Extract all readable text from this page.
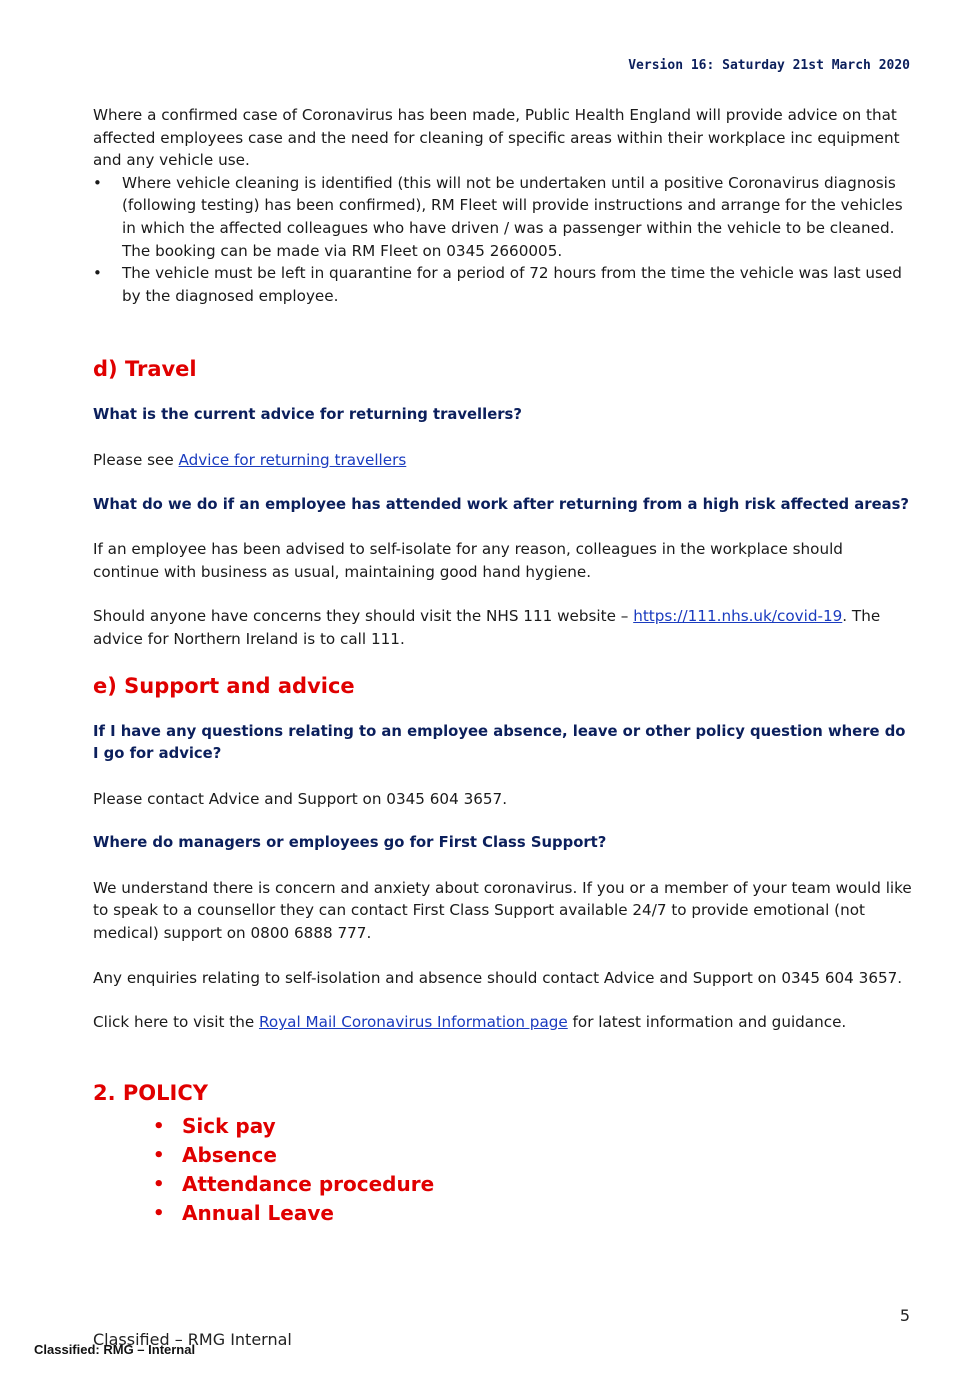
Version 16: Saturday 21st March 2020

Where a confirmed case of Coronavirus has been made, Public Health England will provide advice on that affected employees case and the need for cleaning of specific areas within their workplace inc equipment and any vehicle use.

• Where vehicle cleaning is identified (this will not be undertaken until a positive Coronavirus diagnosis (following testing) has been confirmed), RM Fleet will provide instructions and arrange for the vehicles in which the affected colleagues who have driven / was a passenger within the vehicle to be cleaned. The booking can be made via RM Fleet on 0345 2660005.
• The vehicle must be left in quarantine for a period of 72 hours from the time the vehicle was last used by the diagnosed employee.
d) Travel

What is the current advice for returning travellers?

Please see Advice for returning travellers

What do we do if an employee has attended work after returning from a high risk affected areas?

If an employee has been advised to self-isolate for any reason, colleagues in the workplace should continue with business as usual, maintaining good hand hygiene.

Should anyone have concerns they should visit the NHS 111 website – https://111.nhs.uk/covid-19. The advice for Northern Ireland is to call 111.

e) Support and advice

If I have any questions relating to an employee absence, leave or other policy question where do I go for advice?

Please contact Advice and Support on 0345 604 3657.

Where do managers or employees go for First Class Support?

We understand there is concern and anxiety about coronavirus. If you or a member of your team would like to speak to a counsellor they can contact First Class Support available 24/7 to provide emotional (not medical) support on 0800 6888 777.

Any enquiries relating to self-isolation and absence should contact Advice and Support on 0345 604 3657.

Click here to visit the Royal Mail Coronavirus Information page for latest information and guidance.

2. POLICY
• Sick pay
• Absence
• Attendance procedure
• Annual Leave
5
Classified – RMG Internal
Classified: RMG – Internal
